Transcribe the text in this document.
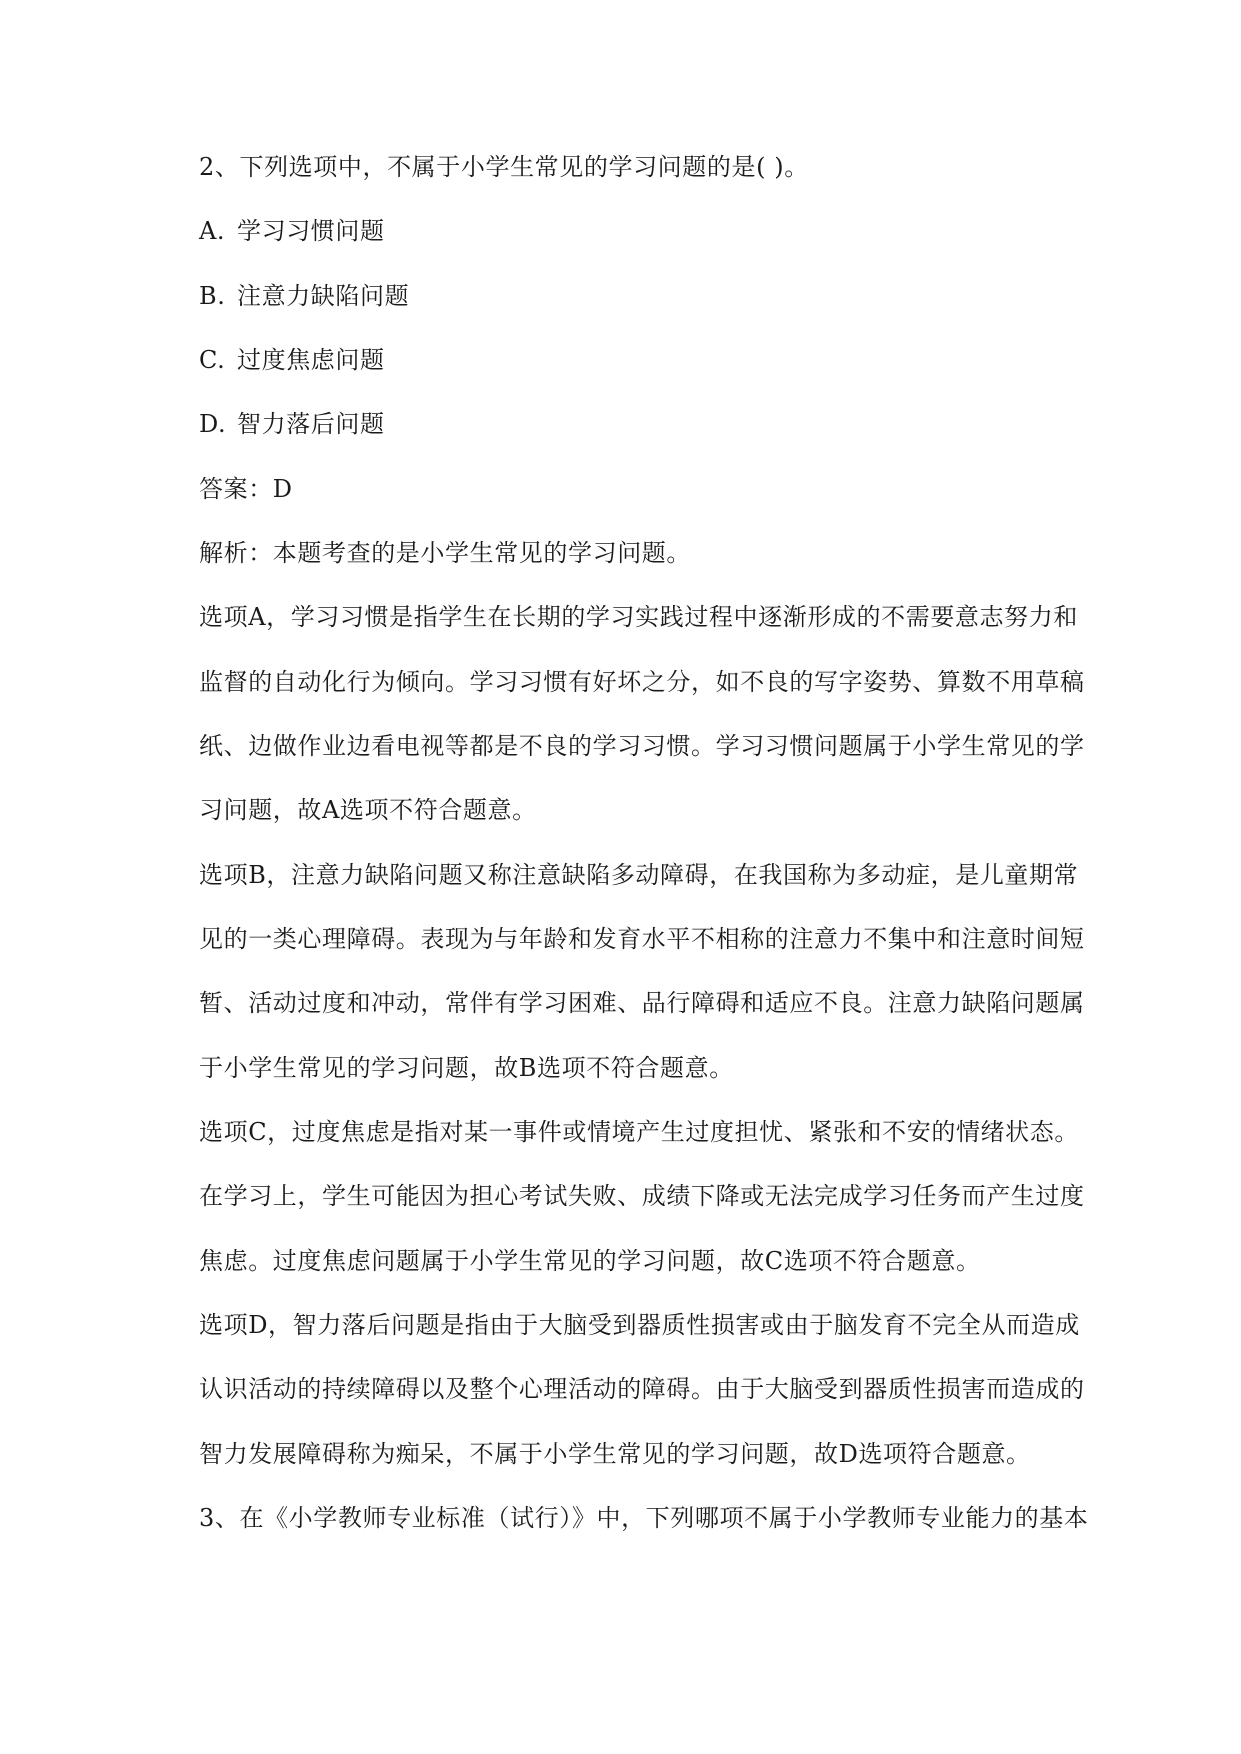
2、下列选项中，不属于小学生常见的学习问题的是( )。
A. 学习习惯问题
B. 注意力缺陷问题
C. 过度焦虑问题
D. 智力落后问题
答案：D
解析：本题考查的是小学生常见的学习问题。
选项A，学习习惯是指学生在长期的学习实践过程中逐渐形成的不需要意志努力和
监督的自动化行为倾向。学习习惯有好坏之分，如不良的写字姿势、算数不用草稿
纸、边做作业边看电视等都是不良的学习习惯。学习习惯问题属于小学生常见的学
习问题，故A选项不符合题意。
选项B，注意力缺陷问题又称注意缺陷多动障碍，在我国称为多动症，是儿童期常
见的一类心理障碍。表现为与年龄和发育水平不相称的注意力不集中和注意时间短
暂、活动过度和冲动，常伴有学习困难、品行障碍和适应不良。注意力缺陷问题属
于小学生常见的学习问题，故B选项不符合题意。
选项C，过度焦虑是指对某一事件或情境产生过度担忧、紧张和不安的情绪状态。
在学习上，学生可能因为担心考试失败、成绩下降或无法完成学习任务而产生过度
焦虑。过度焦虑问题属于小学生常见的学习问题，故C选项不符合题意。
选项D，智力落后问题是指由于大脑受到器质性损害或由于脑发育不完全从而造成
认识活动的持续障碍以及整个心理活动的障碍。由于大脑受到器质性损害而造成的
智力发展障碍称为痴呆，不属于小学生常见的学习问题，故D选项符合题意。
3、在《小学教师专业标准（试行）》中，下列哪项不属于小学教师专业能力的基本
